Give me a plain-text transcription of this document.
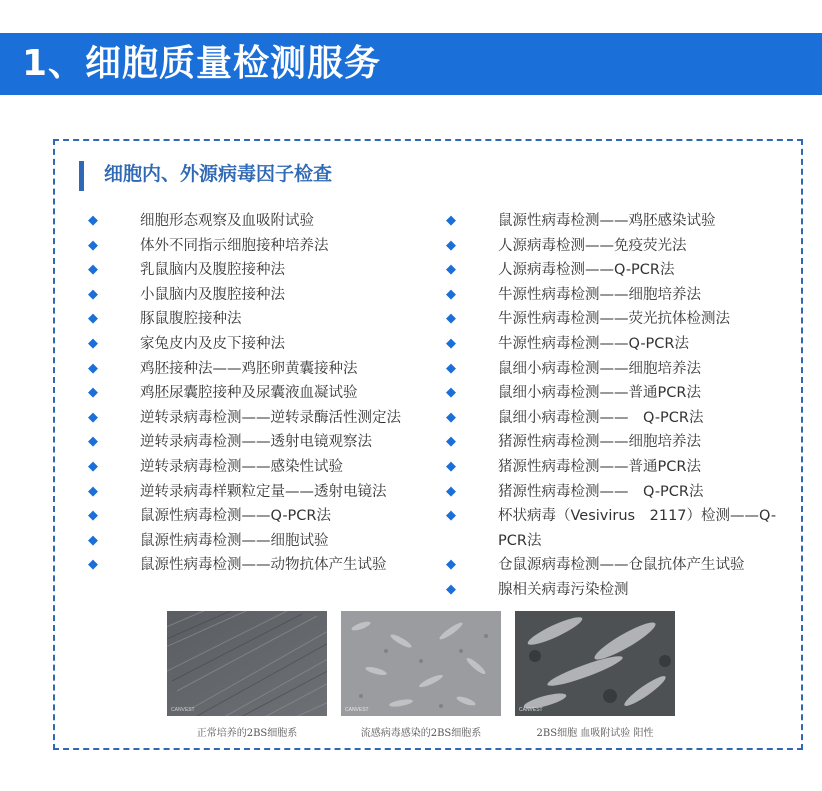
1、细胞质量检测服务
细胞内、外源病毒因子检查
◆	细胞形态观察及血吸附试验
◆	体外不同指示细胞接种培养法
◆	乳鼠脑内及腹腔接种法
◆	小鼠脑内及腹腔接种法
◆	豚鼠腹腔接种法
◆	家兔皮内及皮下接种法
◆	鸡胚接种法——鸡胚卵黄囊接种法
◆	鸡胚尿囊腔接种及尿囊液血凝试验
◆	逆转录病毒检测——逆转录酶活性测定法
◆	逆转录病毒检测——透射电镜观察法
◆	逆转录病毒检测——感染性试验
◆	逆转录病毒样颗粒定量——透射电镜法
◆	鼠源性病毒检测——Q-PCR法
◆	鼠源性病毒检测——细胞试验
◆	鼠源性病毒检测——动物抗体产生试验
◆	鼠源性病毒检测——鸡胚感染试验
◆	人源病毒检测——免疫荧光法
◆	人源病毒检测——Q-PCR法
◆	牛源性病毒检测——细胞培养法
◆	牛源性病毒检测——荧光抗体检测法
◆	牛源性病毒检测——Q-PCR法
◆	鼠细小病毒检测——细胞培养法
◆	鼠细小病毒检测——普通PCR法
◆	鼠细小病毒检测——　Q-PCR法
◆	猪源性病毒检测——细胞培养法
◆	猪源性病毒检测——普通PCR法
◆	猪源性病毒检测——　Q-PCR法
◆	杯状病毒（Vesivirus　2117）检测——Q-PCR法
◆	仓鼠源病毒检测——仓鼠抗体产生试验
◆	腺相关病毒污染检测
CANVEST
正常培养的2BS细胞系
CANVEST
流感病毒感染的2BS细胞系
CANVEST
2BS细胞 血吸附试验 阳性
